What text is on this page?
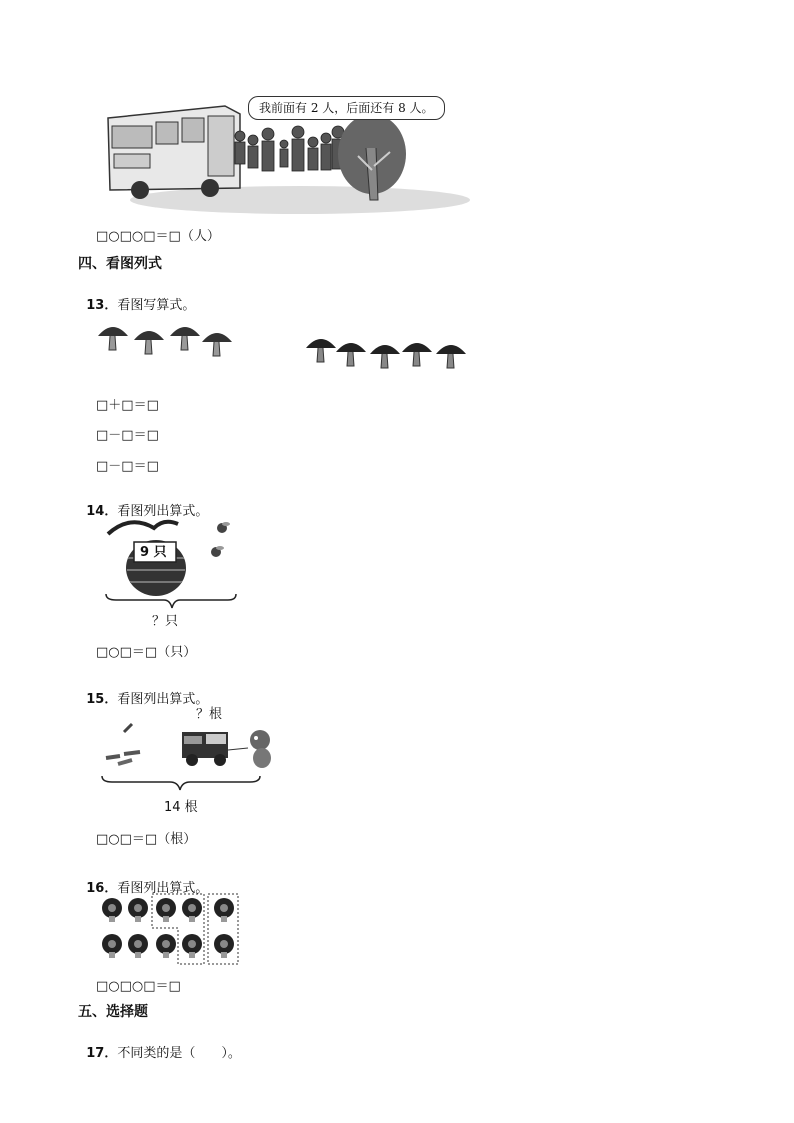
我前面有 2 人，后面还有 8 人。
□○□○□＝□（人）
四、看图列式

13．看图写算式。

□＋□＝□
□－□＝□
□－□＝□

14．看图列出算式。

9 只
？只
□○□＝□（只）

15．看图列出算式。

？根
14 根
□○□＝□（根）

16．看图列出算式。

□○□○□＝□
五、选择题

17．不同类的是（　　）。
